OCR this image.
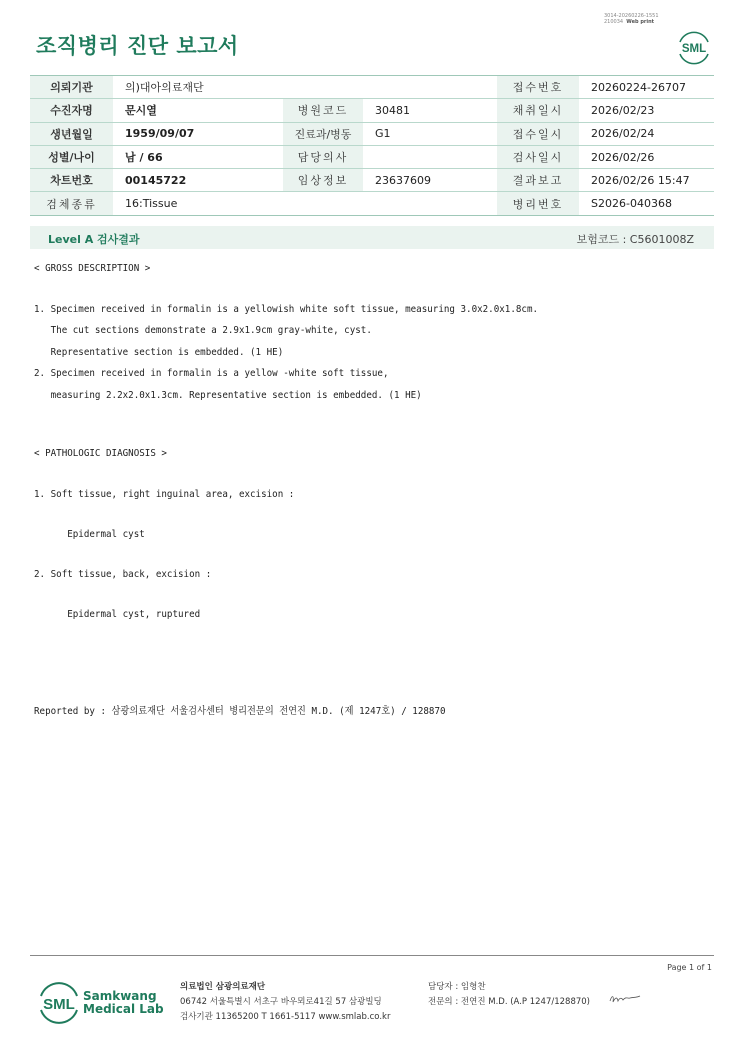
3014-20260226-1551
210034 Web print
조직병리 진단 보고서	SML
의뢰기관	의)대아의료재단			접수번호	20260224-26707
수진자명	문시열	병원코드	30481	채취일시	2026/02/23
생년월일	1959/09/07	진료과/병동	G1	접수일시	2026/02/24
성별/나이	남 / 66	담당의사		검사일시	2026/02/26
차트번호	00145722	임상정보	23637609	결과보고	2026/02/26 15:47
검체종류	16:Tissue			병리번호	S2026-040368
Level A 검사결과	보험코드 : C5601008Z
< GROSS DESCRIPTION >
1. Specimen received in formalin is a yellowish white soft tissue, measuring 3.0x2.0x1.8cm.
The cut sections demonstrate a 2.9x1.9cm gray-white, cyst.
Representative section is embedded. (1 HE)
2. Specimen received in formalin is a yellow -white soft tissue,
measuring 2.2x2.0x1.3cm. Representative section is embedded. (1 HE)
< PATHOLOGIC DIAGNOSIS >
1. Soft tissue, right inguinal area, excision :
Epidermal cyst
2. Soft tissue, back, excision :
Epidermal cyst, ruptured
Reported by : 삼광의료재단 서울검사센터 병리전문의 전연진 M.D. (제 1247호) / 128870
Page 1 of 1
SML Samkwang
Medical Lab
의료법인 삼광의료재단
06742 서울특별시 서초구 바우뫼로41길 57 삼광빌딩
검사기관 11365200 T 1661-5117 www.smlab.co.kr
담당자 : 임형찬
전문의 : 전연진 M.D. (A.P 1247/128870)
